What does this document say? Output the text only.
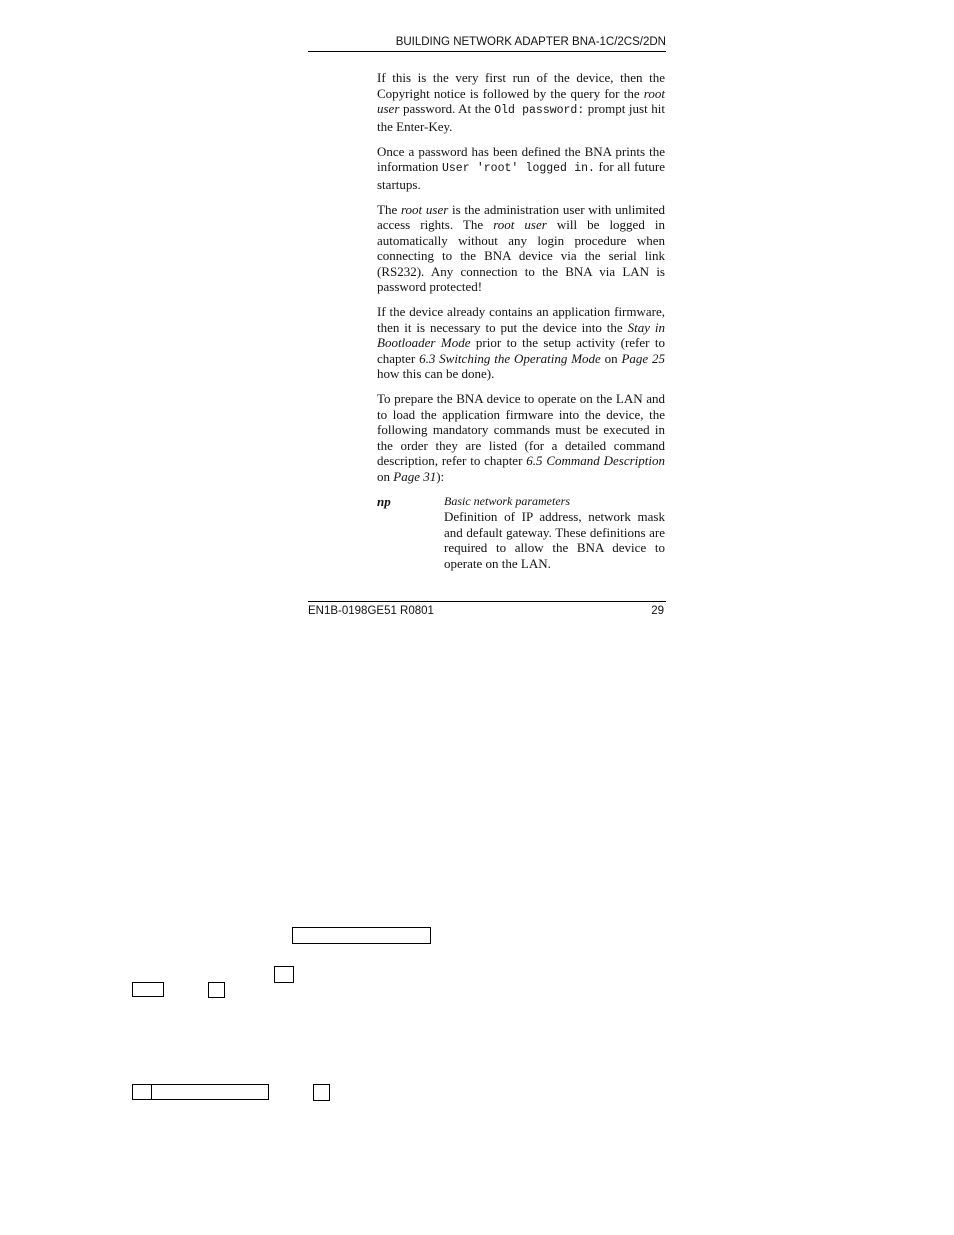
BUILDING NETWORK ADAPTER BNA-1C/2CS/2DN

If this is the very first run of the device, then the Copyright notice is followed by the query for the root user password. At the Old password: prompt just hit the Enter-Key.

Once a password has been defined the BNA prints the information User 'root' logged in. for all future startups.

The root user is the administration user with unlimited access rights. The root user will be logged in automatically without any login procedure when connecting to the BNA device via the serial link (RS232). Any connection to the BNA via LAN is password protected!

If the device already contains an application firmware, then it is necessary to put the device into the Stay in Bootloader Mode prior to the setup activity (refer to chapter 6.3 Switching the Operating Mode on Page 25 how this can be done).

To prepare the BNA device to operate on the LAN and to load the application firmware into the device, the following mandatory commands must be executed in the order they are listed (for a detailed command description, refer to chapter 6.5 Command Description on Page 31):

np	Basic network parameters
Definition of IP address, network mask and default gateway. These definitions are required to allow the BNA device to operate on the LAN.
EN1B-0198GE51 R0801	29
